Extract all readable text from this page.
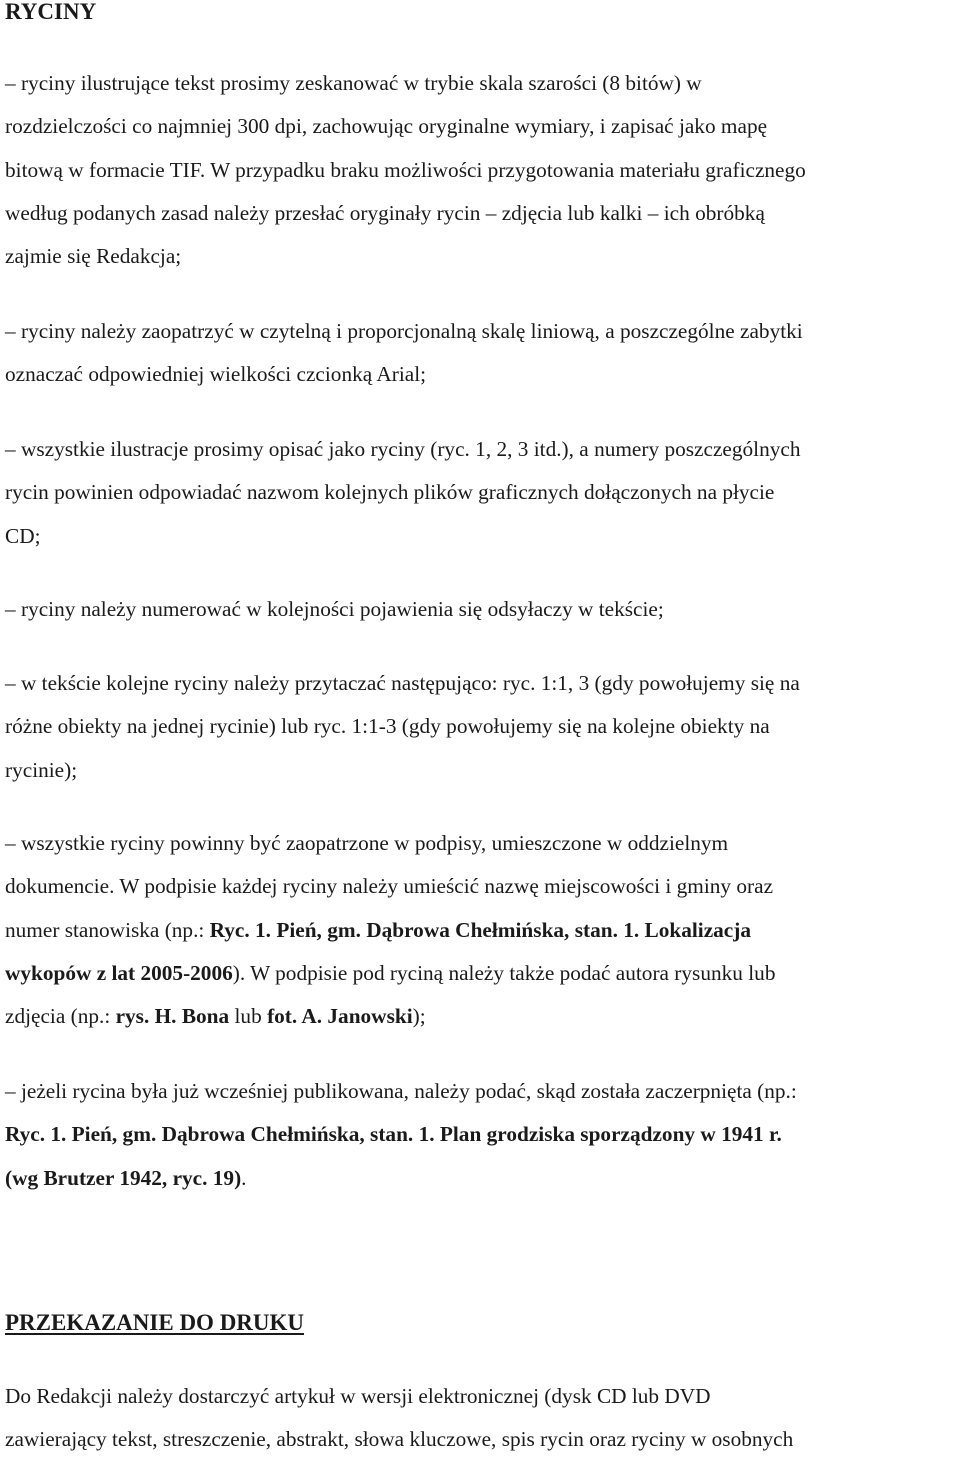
RYCINY

– ryciny ilustrujące tekst prosimy zeskanować w trybie skala szarości (8 bitów) w
rozdzielczości co najmniej 300 dpi, zachowując oryginalne wymiary, i zapisać jako mapę
bitową w formacie TIF. W przypadku braku możliwości przygotowania materiału graficznego
według podanych zasad należy przesłać oryginały rycin – zdjęcia lub kalki – ich obróbką
zajmie się Redakcja;

– ryciny należy zaopatrzyć w czytelną i proporcjonalną skalę liniową, a poszczególne zabytki
oznaczać odpowiedniej wielkości czcionką Arial;

– wszystkie ilustracje prosimy opisać jako ryciny (ryc. 1, 2, 3 itd.), a numery poszczególnych
rycin powinien odpowiadać nazwom kolejnych plików graficznych dołączonych na płycie
CD;

– ryciny należy numerować w kolejności pojawienia się odsyłaczy w tekście;

– w tekście kolejne ryciny należy przytaczać następująco: ryc. 1:1, 3 (gdy powołujemy się na
różne obiekty na jednej rycinie) lub ryc. 1:1-3 (gdy powołujemy się na kolejne obiekty na
rycinie);

– wszystkie ryciny powinny być zaopatrzone w podpisy, umieszczone w oddzielnym
dokumencie. W podpisie każdej ryciny należy umieścić nazwę miejscowości i gminy oraz
numer stanowiska (np.: Ryc. 1. Pień, gm. Dąbrowa Chełmińska, stan. 1. Lokalizacja
wykopów z lat 2005-2006). W podpisie pod ryciną należy także podać autora rysunku lub
zdjęcia (np.: rys. H. Bona lub fot. A. Janowski);

– jeżeli rycina była już wcześniej publikowana, należy podać, skąd została zaczerpnięta (np.:
Ryc. 1. Pień, gm. Dąbrowa Chełmińska, stan. 1. Plan grodziska sporządzony w 1941 r.
(wg Brutzer 1942, ryc. 19).

PRZEKAZANIE DO DRUKU

Do Redakcji należy dostarczyć artykuł w wersji elektronicznej (dysk CD lub DVD
zawierający tekst, streszczenie, abstrakt, słowa kluczowe, spis rycin oraz ryciny w osobnych
